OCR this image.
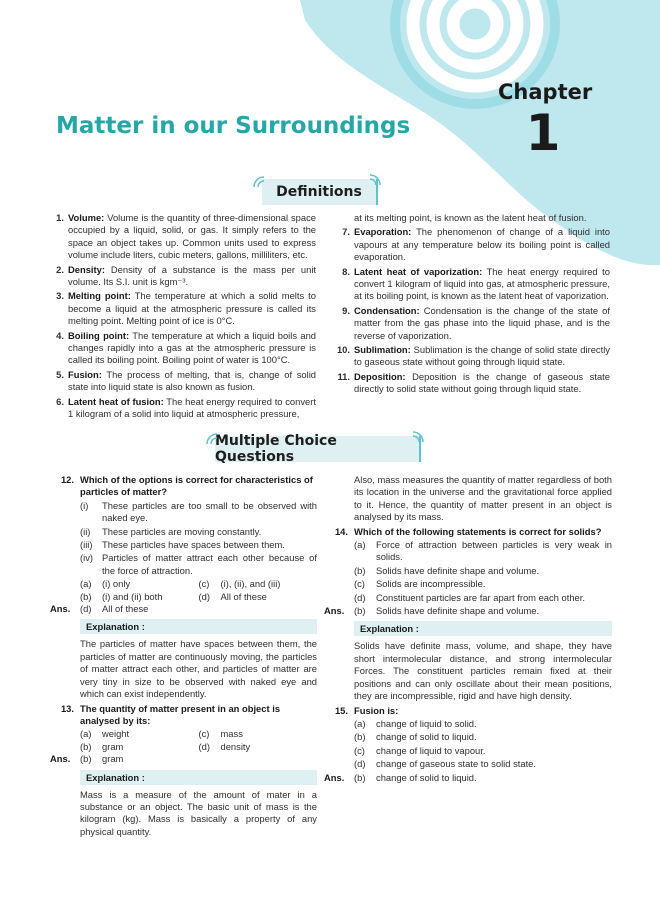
Chapter
1
Matter in our Surroundings
Definitions
1. Volume: Volume is the quantity of three-dimensional space occupied by a liquid, solid, or gas. It simply refers to the space an object takes up. Common units used to express volume include liters, cubic meters, gallons, milliliters, etc.
2. Density: Density of a substance is the mass per unit volume. Its S.I. unit is kgm⁻³.
3. Melting point: The temperature at which a solid melts to become a liquid at the atmospheric pressure is called its melting point. Melting point of ice is 0°C.
4. Boiling point: The temperature at which a liquid boils and changes rapidly into a gas at the atmospheric pressure is called its boiling point. Boiling point of water is 100°C.
5. Fusion: The process of melting, that is, change of solid state into liquid state is also known as fusion.
6. Latent heat of fusion: The heat energy required to convert 1 kilogram of a solid into liquid at atmospheric pressure,
at its melting point, is known as the latent heat of fusion.
7. Evaporation: The phenomenon of change of a liquid into vapours at any temperature below its boiling point is called evaporation.
8. Latent heat of vaporization: The heat energy required to convert 1 kilogram of liquid into gas, at atmospheric pressure, at its boiling point, is known as the latent heat of vaporization.
9. Condensation: Condensation is the change of the state of matter from the gas phase into the liquid phase, and is the reverse of vaporization.
10. Sublimation: Sublimation is the change of solid state directly to gaseous state without going through liquid state.
11. Deposition: Deposition is the change of gaseous state directly to solid state without going through liquid state.
Multiple Choice Questions
12. Which of the options is correct for characteristics of particles of matter?
(i)	These particles are too small to be observed with naked eye.
(ii)	These particles are moving constantly.
(iii)	These particles have spaces between them.
(iv) Particles of matter attract each other because of the force of attraction.
(a)	(i) only	(c)	(i), (ii), and (iii)
(b)	(i) and (ii) both	(d)	All of these
Ans.	(d)	All of these
Explanation :
The particles of matter have spaces between them, the particles of matter are continuously moving, the particles of matter attract each other, and particles of matter are very tiny in size to be observed with naked eye and which can exist independently.
13. The quantity of matter present in an object is analysed by its:
(a)	weight	(c)	mass
(b)	gram	(d)	density
Ans.	(b)	gram
Explanation :
Mass is a measure of the amount of mater in a substance or an object. The basic unit of mass is the kilogram (kg). Mass is basically a property of any physical quantity.
Also, mass measures the quantity of matter regardless of both its location in the universe and the gravitational force applied to it. Hence, the quantity of matter present in an object is analysed by its mass.
14. Which of the following statements is correct for solids?
(a)	Force of attraction between particles is very weak in solids.
(b)	Solids have definite shape and volume.
(c)	Solids are incompressible.
(d)	Constituent particles are far apart from each other.
Ans.	(b)	Solids have definite shape and volume.
Explanation :
Solids have definite mass, volume, and shape, they have short intermolecular distance, and strong intermolecular Forces. The constituent particles remain fixed at their positions and can only oscillate about their mean positions, they are incompressible, rigid and have high density.
15. Fusion is:
(a)	change of liquid to solid.
(b)	change of solid to liquid.
(c)	change of liquid to vapour.
(d)	change of gaseous state to solid state.
Ans.	(b)	change of solid to liquid.
